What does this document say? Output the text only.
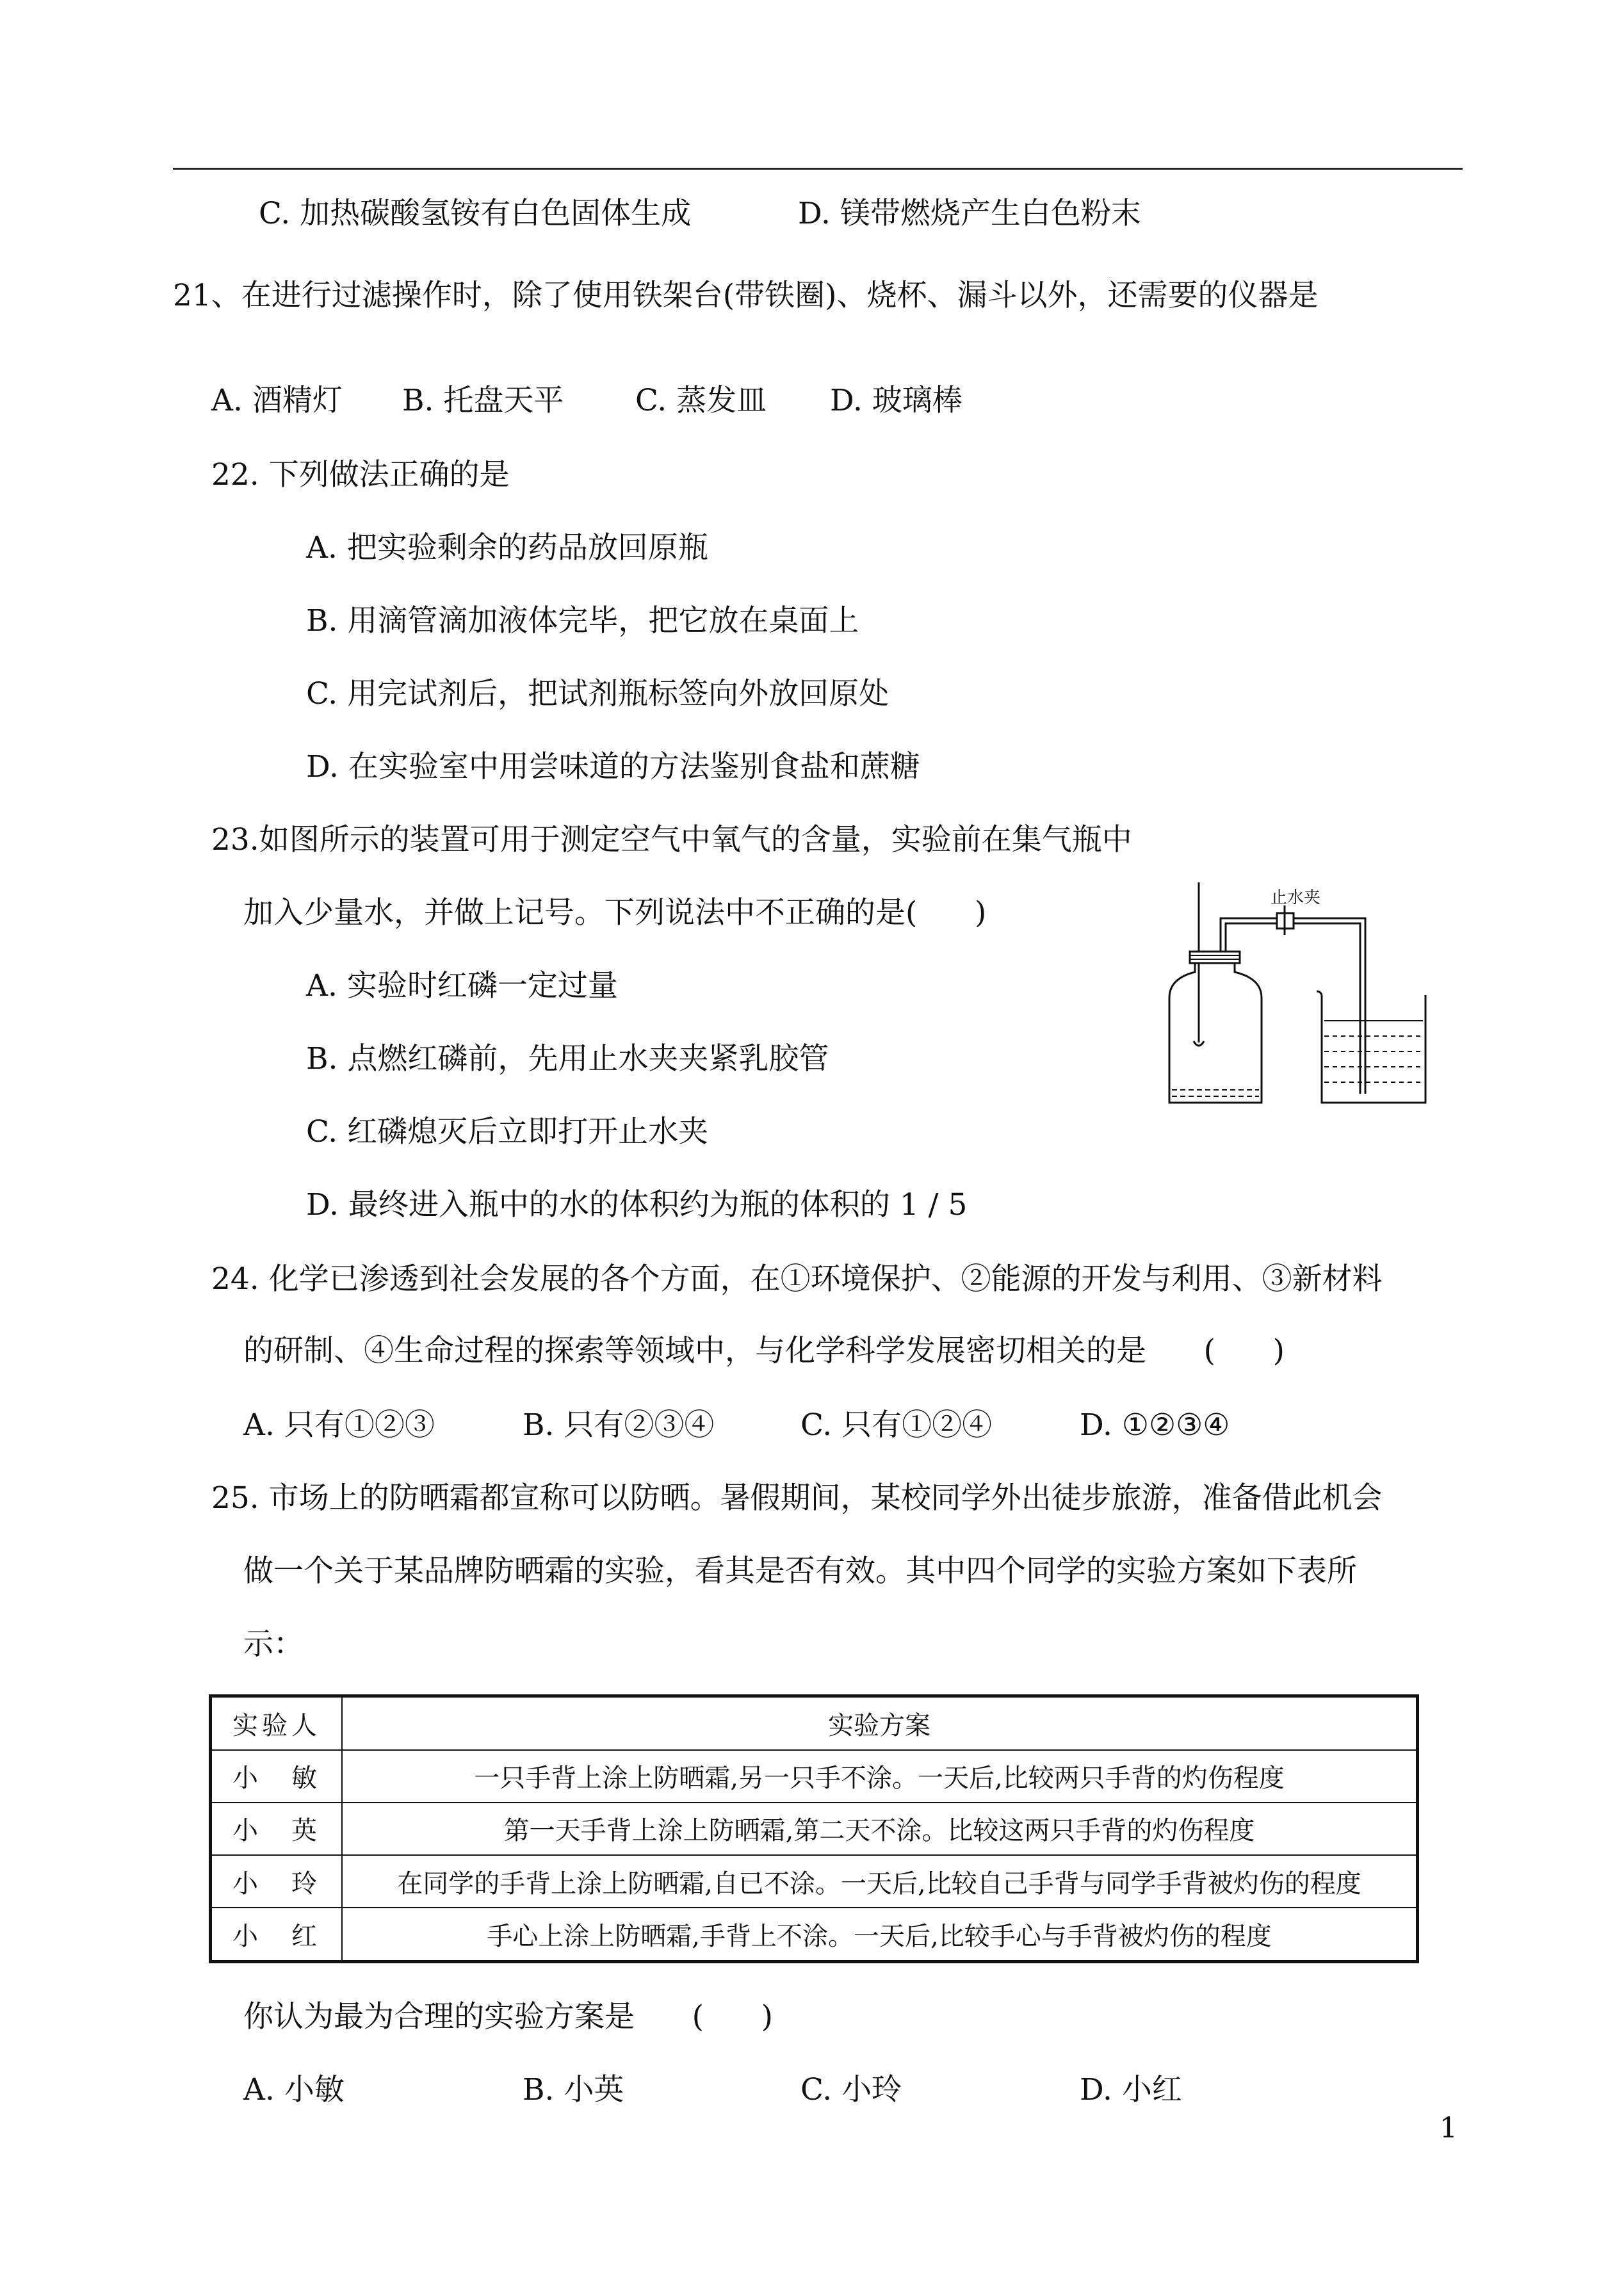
C. 加热碳酸氢铵有白色固体生成	D. 镁带燃烧产生白色粉末
21、在进行过滤操作时，除了使用铁架台(带铁圈)、烧杯、漏斗以外，还需要的仪器是
A. 酒精灯 B. 托盘天平 C. 蒸发皿 D. 玻璃棒
22. 下列做法正确的是
A. 把实验剩余的药品放回原瓶
B. 用滴管滴加液体完毕，把它放在桌面上
C. 用完试剂后，把试剂瓶标签向外放回原处
D. 在实验室中用尝味道的方法鉴别食盐和蔗糖
23.如图所示的装置可用于测定空气中氧气的含量，实验前在集气瓶中
加入少量水，并做上记号。下列说法中不正确的是(      )
A. 实验时红磷一定过量
B. 点燃红磷前，先用止水夹夹紧乳胶管
C. 红磷熄灭后立即打开止水夹
D. 最终进入瓶中的水的体积约为瓶的体积的 1 / 5
止水夹
24. 化学已渗透到社会发展的各个方面，在①环境保护、②能源的开发与利用、③新材料
的研制、④生命过程的探索等领域中，与化学科学发展密切相关的是      (      )
A. 只有①②③	B. 只有②③④	C. 只有①②④	D. ①②③④
25. 市场上的防晒霜都宣称可以防晒。暑假期间，某校同学外出徒步旅游，准备借此机会
做一个关于某品牌防晒霜的实验，看其是否有效。其中四个同学的实验方案如下表所
示：
实验人	实验方案
小　敏	一只手背上涂上防晒霜,另一只手不涂。一天后,比较两只手背的灼伤程度
小　英	第一天手背上涂上防晒霜,第二天不涂。比较这两只手背的灼伤程度
小　玲	在同学的手背上涂上防晒霜,自已不涂。一天后,比较自己手背与同学手背被灼伤的程度
小　红	手心上涂上防晒霜,手背上不涂。一天后,比较手心与手背被灼伤的程度
你认为最为合理的实验方案是      (      )
A. 小敏	B. 小英	C. 小玲	D. 小红
1
